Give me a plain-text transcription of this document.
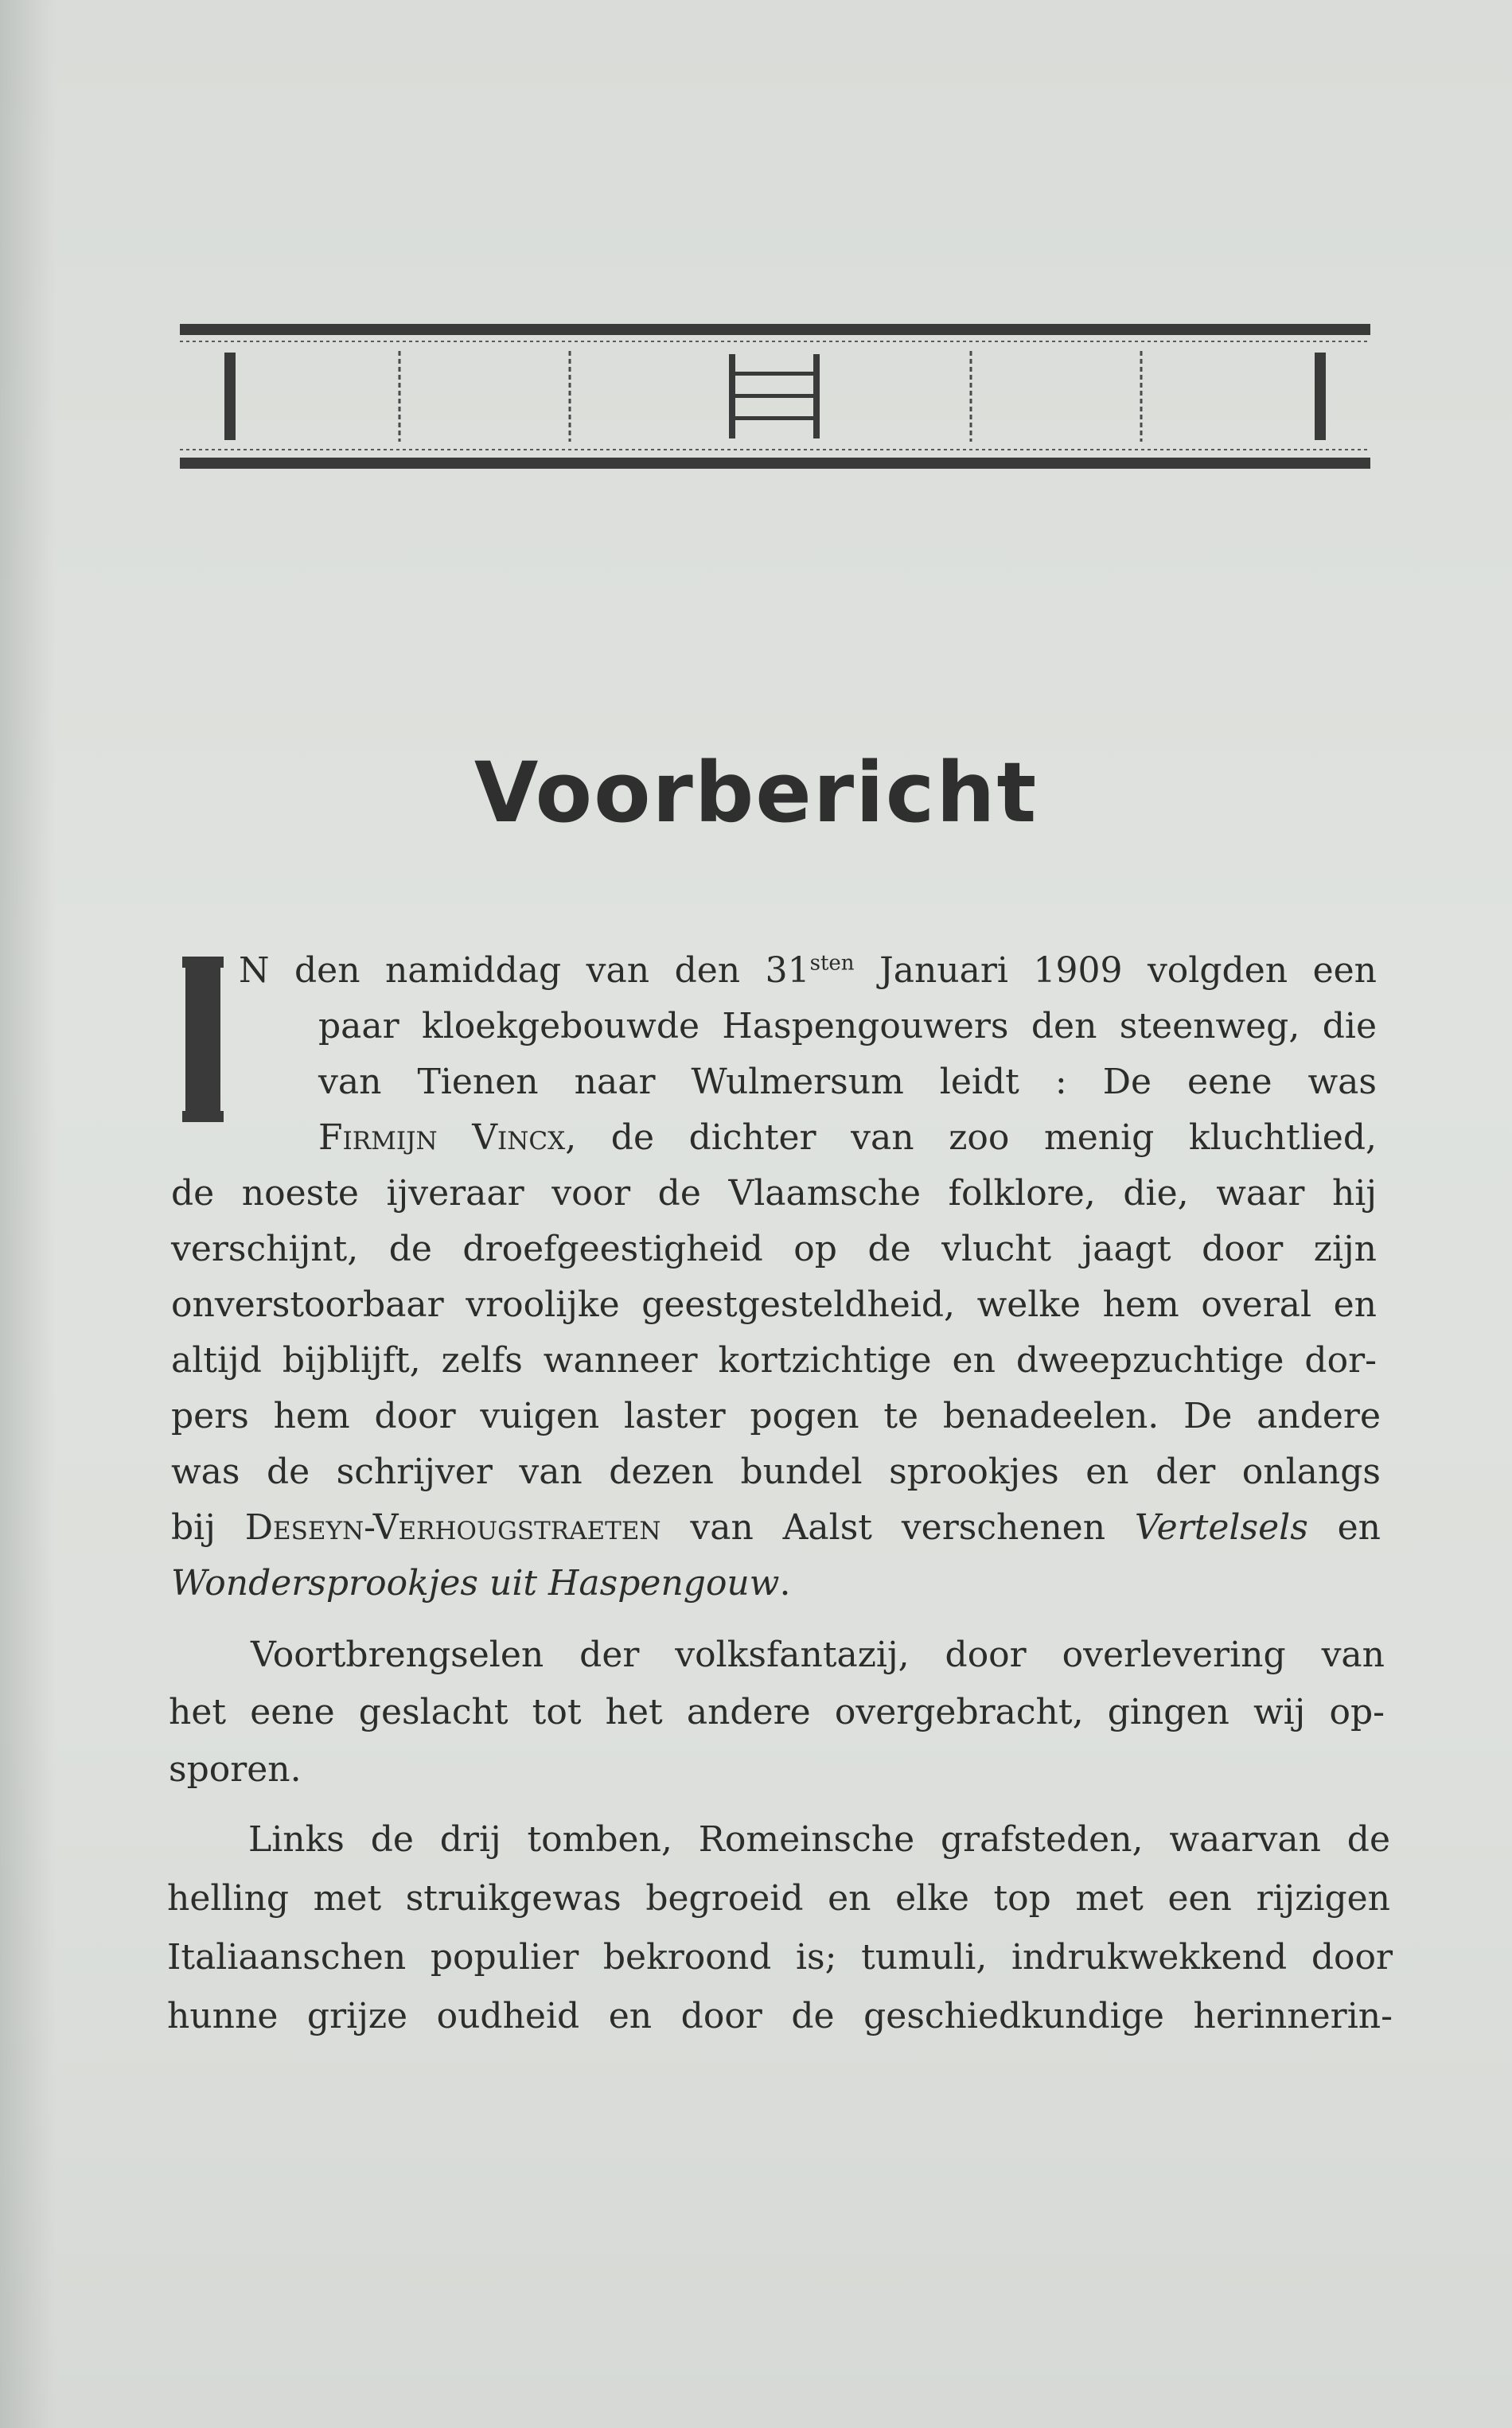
Voorbericht
N den namiddag van den $31^{sten}$ Januari 1909 volgden een
paar kloekgebouwde Haspengouwers den steenweg, die
van Tienen naar Wulmersum leidt : De eene was
Firmijn Vincx, de dichter van zoo menig kluchtlied,
de noeste ijveraar voor de Vlaamsche folklore, die, waar hij
verschijnt, de droefgeestigheid op de vlucht jaagt door zijn
onverstoorbaar vroolijke geestgesteldheid, welke hem overal en
altijd bijblijft, zelfs wanneer kortzichtige en dweepzuchtige dor-
pers hem door vuigen laster pogen te benadeelen. De andere
was de schrijver van dezen bundel sprookjes en der onlangs
bij Deseyn-Verhougstraeten van Aalst verschenen Vertelsels en
Wondersprookjes uit Haspengouw.
Voortbrengselen der volksfantazij, door overlevering van
het eene geslacht tot het andere overgebracht, gingen wij op-
sporen.
Links de drij tomben, Romeinsche grafsteden, waarvan de
helling met struikgewas begroeid en elke top met een rijzigen
Italiaanschen populier bekroond is; tumuli, indrukwekkend door
hunne grijze oudheid en door de geschiedkundige herinnerin-
